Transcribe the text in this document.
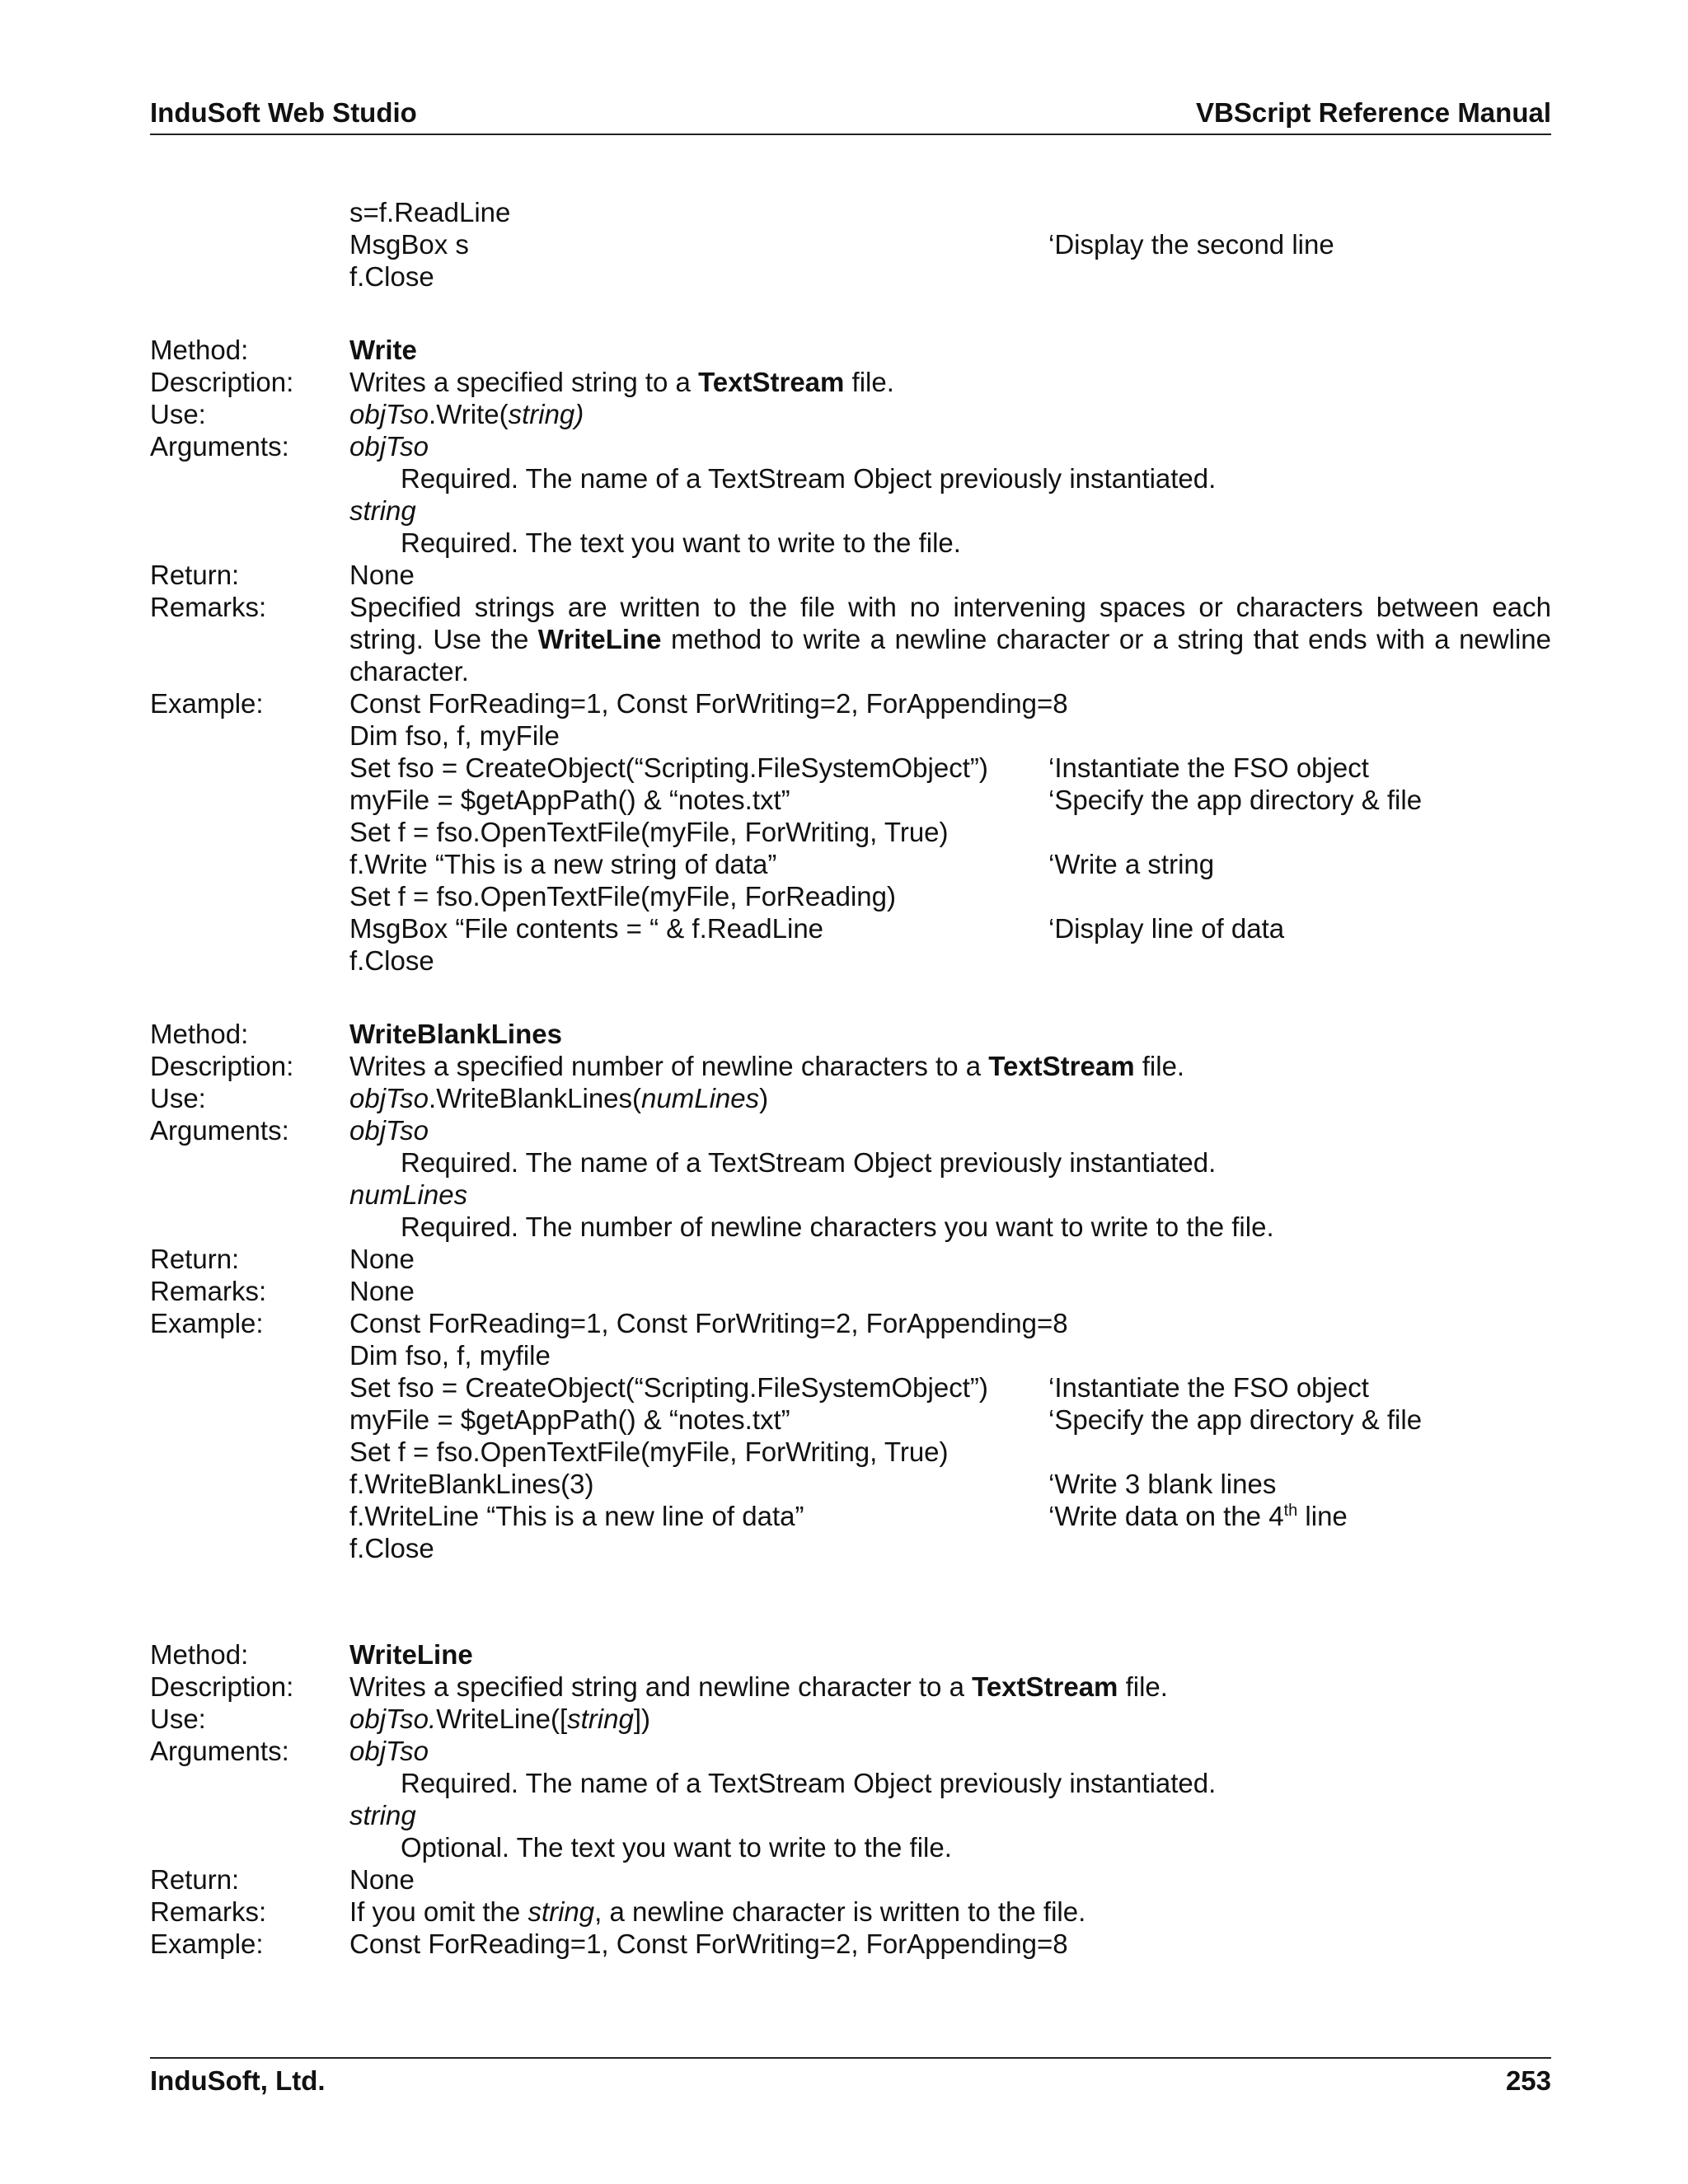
InduSoft Web Studio	VBScript Reference Manual
s=f.ReadLine
MsgBox s	‘Display the second line
f.Close
Method:	Write
Description:	Writes a specified string to a TextStream file.
Use:	objTso.Write(string)
Arguments:	objTso
Required. The name of a TextStream Object previously instantiated.
string
Required. The text you want to write to the file.
Return:	None
Remarks:	Specified strings are written to the file with no intervening spaces or characters between each string. Use the WriteLine method to write a newline character or a string that ends with a newline character.
Example:	Const ForReading=1, Const ForWriting=2, ForAppending=8
Dim fso, f, myFile
Set fso = CreateObject(“Scripting.FileSystemObject”)	‘Instantiate the FSO object
myFile = $getAppPath() & “notes.txt”	‘Specify the app directory & file
Set f = fso.OpenTextFile(myFile, ForWriting, True)
f.Write “This is a new string of data”	‘Write a string
Set f = fso.OpenTextFile(myFile, ForReading)
MsgBox “File contents = “ & f.ReadLine	‘Display line of data
f.Close
Method:	WriteBlankLines
Description:	Writes a specified number of newline characters to a TextStream file.
Use:	objTso.WriteBlankLines(numLines)
Arguments:	objTso
Required. The name of a TextStream Object previously instantiated.
numLines
Required. The number of newline characters you want to write to the file.
Return:	None
Remarks:	None
Example:	Const ForReading=1, Const ForWriting=2, ForAppending=8
Dim fso, f, myfile
Set fso = CreateObject(“Scripting.FileSystemObject”)	‘Instantiate the FSO object
myFile = $getAppPath() & “notes.txt”	‘Specify the app directory & file
Set f = fso.OpenTextFile(myFile, ForWriting, True)
f.WriteBlankLines(3)	‘Write 3 blank lines
f.WriteLine “This is a new line of data”	‘Write data on the 4th line
f.Close
Method:	WriteLine
Description:	Writes a specified string and newline character to a TextStream file.
Use:	objTso.WriteLine([string])
Arguments:	objTso
Required. The name of a TextStream Object previously instantiated.
string
Optional. The text you want to write to the file.
Return:	None
Remarks:	If you omit the string, a newline character is written to the file.
Example:	Const ForReading=1, Const ForWriting=2, ForAppending=8
InduSoft, Ltd.	253
